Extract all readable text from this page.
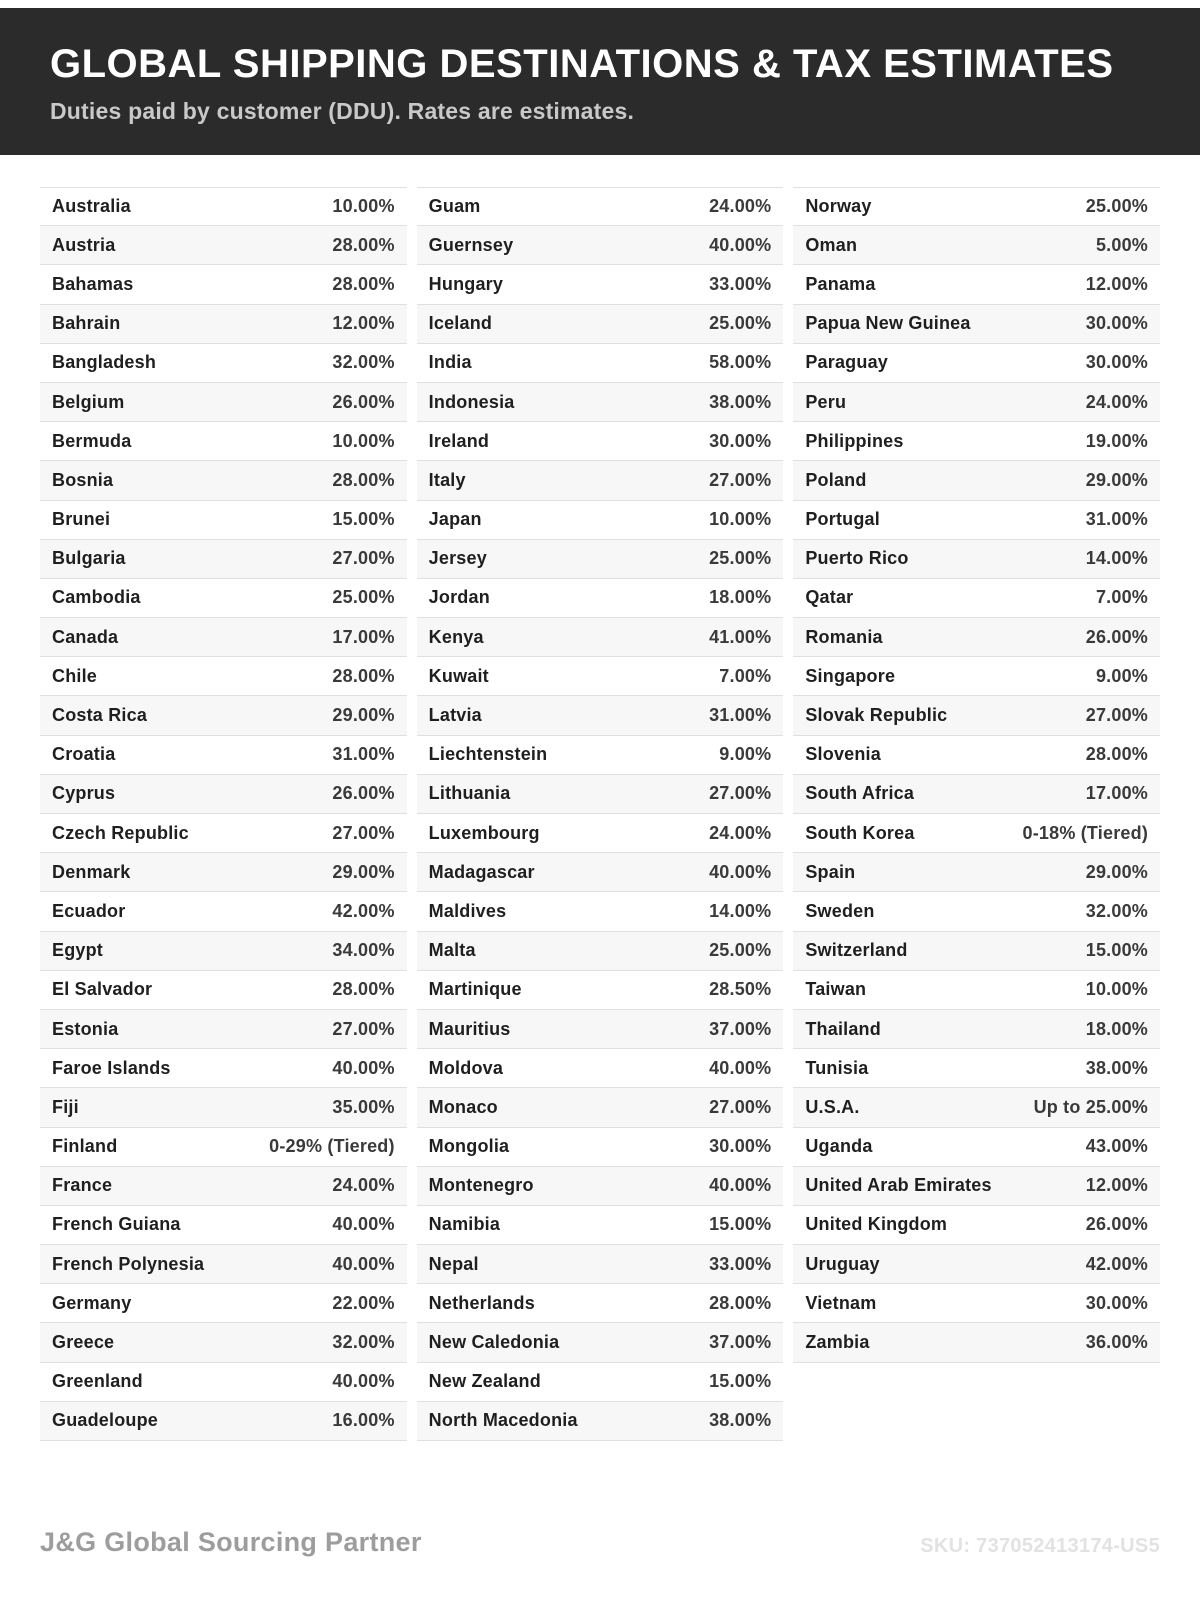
GLOBAL SHIPPING DESTINATIONS & TAX ESTIMATES

Duties paid by customer (DDU). Rates are estimates.

Australia	10.00%
Austria	28.00%
Bahamas	28.00%
Bahrain	12.00%
Bangladesh	32.00%
Belgium	26.00%
Bermuda	10.00%
Bosnia	28.00%
Brunei	15.00%
Bulgaria	27.00%
Cambodia	25.00%
Canada	17.00%
Chile	28.00%
Costa Rica	29.00%
Croatia	31.00%
Cyprus	26.00%
Czech Republic	27.00%
Denmark	29.00%
Ecuador	42.00%
Egypt	34.00%
El Salvador	28.00%
Estonia	27.00%
Faroe Islands	40.00%
Fiji	35.00%
Finland	0-29% (Tiered)
France	24.00%
French Guiana	40.00%
French Polynesia	40.00%
Germany	22.00%
Greece	32.00%
Greenland	40.00%
Guadeloupe	16.00%
Guam	24.00%
Guernsey	40.00%
Hungary	33.00%
Iceland	25.00%
India	58.00%
Indonesia	38.00%
Ireland	30.00%
Italy	27.00%
Japan	10.00%
Jersey	25.00%
Jordan	18.00%
Kenya	41.00%
Kuwait	7.00%
Latvia	31.00%
Liechtenstein	9.00%
Lithuania	27.00%
Luxembourg	24.00%
Madagascar	40.00%
Maldives	14.00%
Malta	25.00%
Martinique	28.50%
Mauritius	37.00%
Moldova	40.00%
Monaco	27.00%
Mongolia	30.00%
Montenegro	40.00%
Namibia	15.00%
Nepal	33.00%
Netherlands	28.00%
New Caledonia	37.00%
New Zealand	15.00%
North Macedonia	38.00%
Norway	25.00%
Oman	5.00%
Panama	12.00%
Papua New Guinea	30.00%
Paraguay	30.00%
Peru	24.00%
Philippines	19.00%
Poland	29.00%
Portugal	31.00%
Puerto Rico	14.00%
Qatar	7.00%
Romania	26.00%
Singapore	9.00%
Slovak Republic	27.00%
Slovenia	28.00%
South Africa	17.00%
South Korea	0-18% (Tiered)
Spain	29.00%
Sweden	32.00%
Switzerland	15.00%
Taiwan	10.00%
Thailand	18.00%
Tunisia	38.00%
U.S.A.	Up to 25.00%
Uganda	43.00%
United Arab Emirates	12.00%
United Kingdom	26.00%
Uruguay	42.00%
Vietnam	30.00%
Zambia	36.00%
J&G Global Sourcing Partner	SKU: 737052413174-US5
